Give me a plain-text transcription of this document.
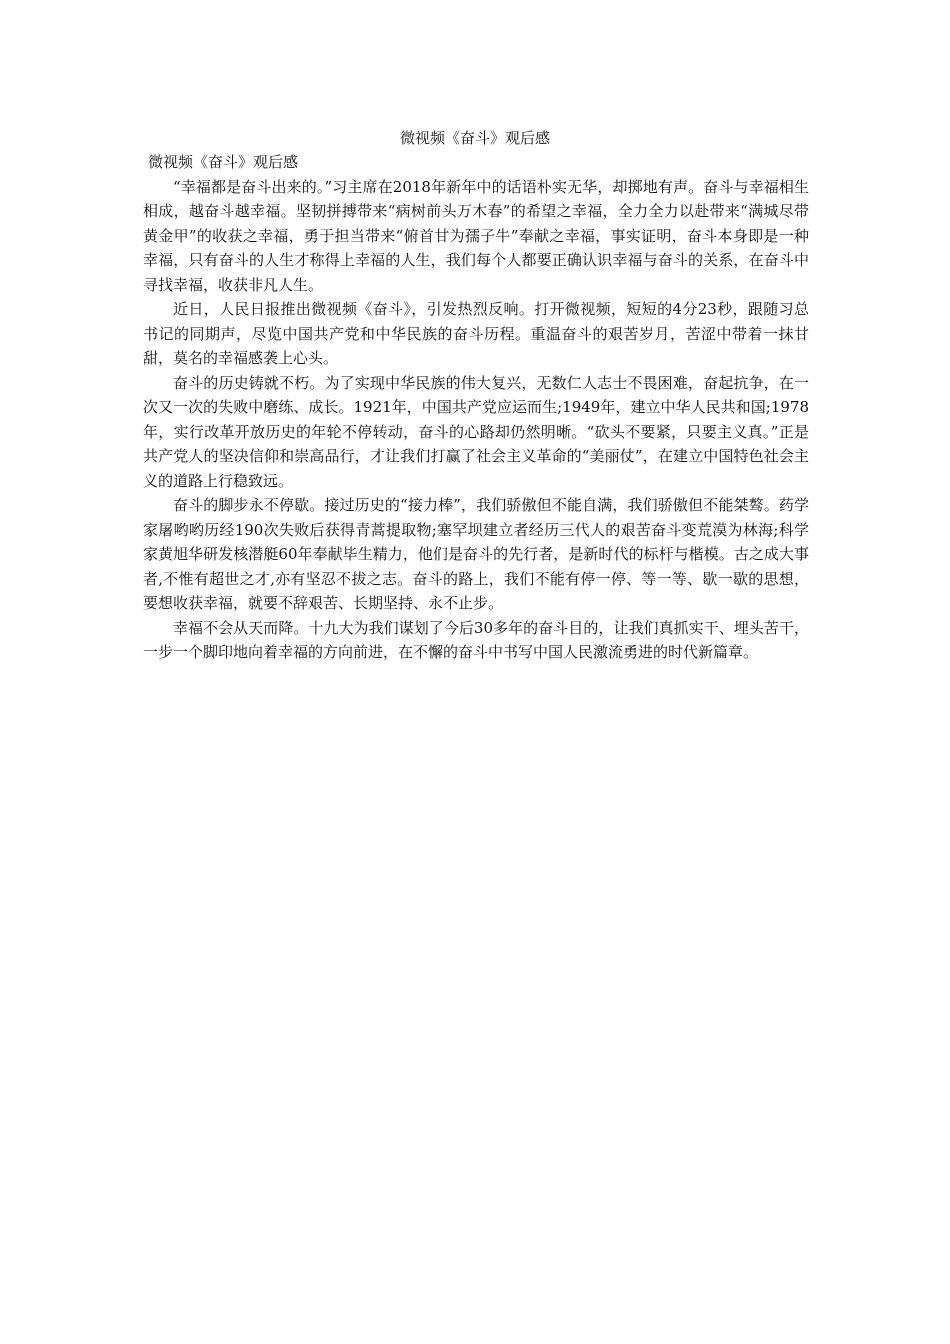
微视频《奋斗》观后感

微视频《奋斗》观后感

“幸福都是奋斗出来的。”习主席在2018年新年中的话语朴实无华，却掷地有声。奋斗与幸福相生相成，越奋斗越幸福。坚韧拼搏带来“病树前头万木春”的希望之幸福，全力全力以赴带来“满城尽带黄金甲”的收获之幸福，勇于担当带来“俯首甘为孺子牛”奉献之幸福，事实证明，奋斗本身即是一种幸福，只有奋斗的人生才称得上幸福的人生，我们每个人都要正确认识幸福与奋斗的关系，在奋斗中寻找幸福，收获非凡人生。

近日，人民日报推出微视频《奋斗》，引发热烈反响。打开微视频，短短的4分23秒，跟随习总书记的同期声，尽览中国共产党和中华民族的奋斗历程。重温奋斗的艰苦岁月，苦涩中带着一抹甘甜，莫名的幸福感袭上心头。

奋斗的历史铸就不朽。为了实现中华民族的伟大复兴，无数仁人志士不畏困难，奋起抗争，在一次又一次的失败中磨练、成长。1921年，中国共产党应运而生;1949年，建立中华人民共和国;1978年，实行改革开放历史的年轮不停转动，奋斗的心路却仍然明晰。“砍头不要紧，只要主义真。”正是共产党人的坚决信仰和崇高品行，才让我们打赢了社会主义革命的“美丽仗”，在建立中国特色社会主义的道路上行稳致远。

奋斗的脚步永不停歇。接过历史的“接力棒”，我们骄傲但不能自满，我们骄傲但不能桀骜。药学家屠哟哟历经190次失败后获得青蒿提取物;塞罕坝建立者经历三代人的艰苦奋斗变荒漠为林海;科学家黄旭华研发核潜艇60年奉献毕生精力，他们是奋斗的先行者，是新时代的标杆与楷模。古之成大事者,不惟有超世之才,亦有坚忍不拔之志。奋斗的路上，我们不能有停一停、等一等、歇一歇的思想，要想收获幸福，就要不辞艰苦、长期坚持、永不止步。

幸福不会从天而降。十九大为我们谋划了今后30多年的奋斗目的，让我们真抓实干、埋头苦干，一步一个脚印地向着幸福的方向前进，在不懈的奋斗中书写中国人民激流勇进的时代新篇章。
